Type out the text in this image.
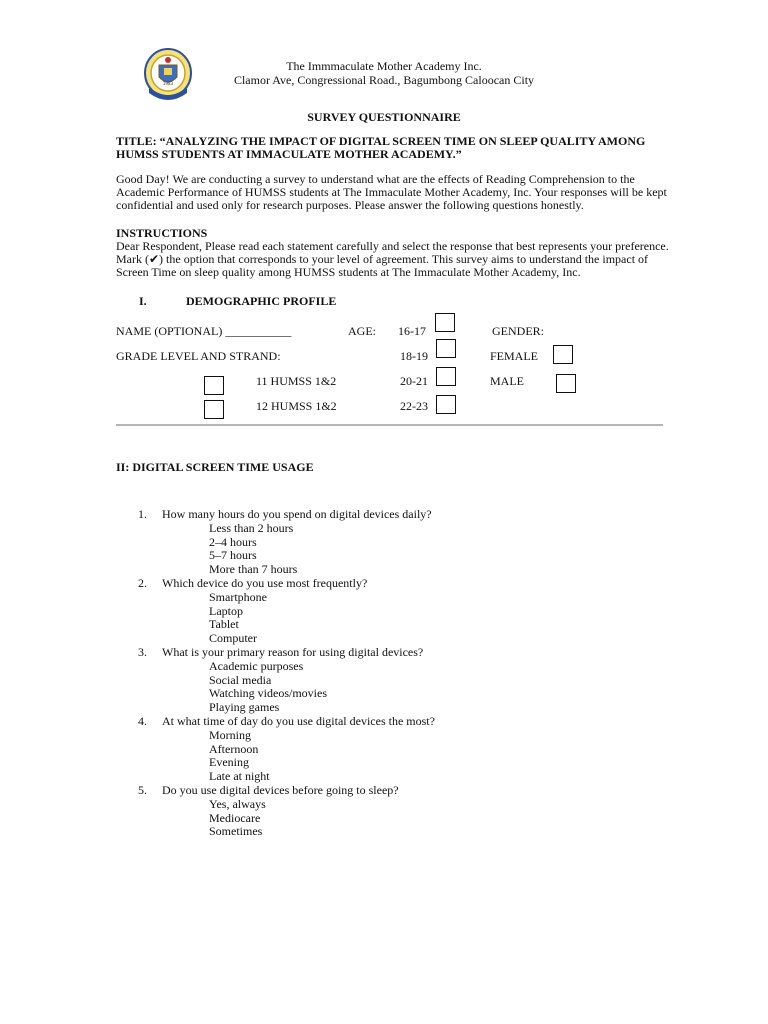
1983
The Immmaculate Mother Academy Inc.
Clamor Ave, Congressional Road., Bagumbong Caloocan City
SURVEY QUESTIONNAIRE
TITLE: “ANALYZING THE IMPACT OF DIGITAL SCREEN TIME ON SLEEP QUALITY AMONG
HUMSS STUDENTS AT IMMACULATE MOTHER ACADEMY.”
Good Day! We are conducting a survey to understand what are the effects of Reading Comprehension to the
Academic Performance of HUMSS students at The Immaculate Mother Academy, Inc. Your responses will be kept
confidential and used only for research purposes. Please answer the following questions honestly.
INSTRUCTIONS
Dear Respondent, Please read each statement carefully and select the response that best represents your preference.
Mark (✔) the option that corresponds to your level of agreement. This survey aims to understand the impact of
Screen Time on sleep quality among HUMSS students at The Immaculate Mother Academy, Inc.
I.	DEMOGRAPHIC PROFILE
NAME (OPTIONAL) ___________	AGE:	GENDER:
GRADE LEVEL AND STRAND:
16-17
18-19
20-21
22-23
FEMALE
MALE
11 HUMSS 1&2
12 HUMSS 1&2
II: DIGITAL SCREEN TIME USAGE
1. How many hours do you spend on digital devices daily?
Less than 2 hours
2–4 hours
5–7 hours
More than 7 hours
2. Which device do you use most frequently?
Smartphone
Laptop
Tablet
Computer
3. What is your primary reason for using digital devices?
Academic purposes
Social media
Watching videos/movies
Playing games
4. At what time of day do you use digital devices the most?
Morning
Afternoon
Evening
Late at night
5. Do you use digital devices before going to sleep?
Yes, always
Mediocare
Sometimes
